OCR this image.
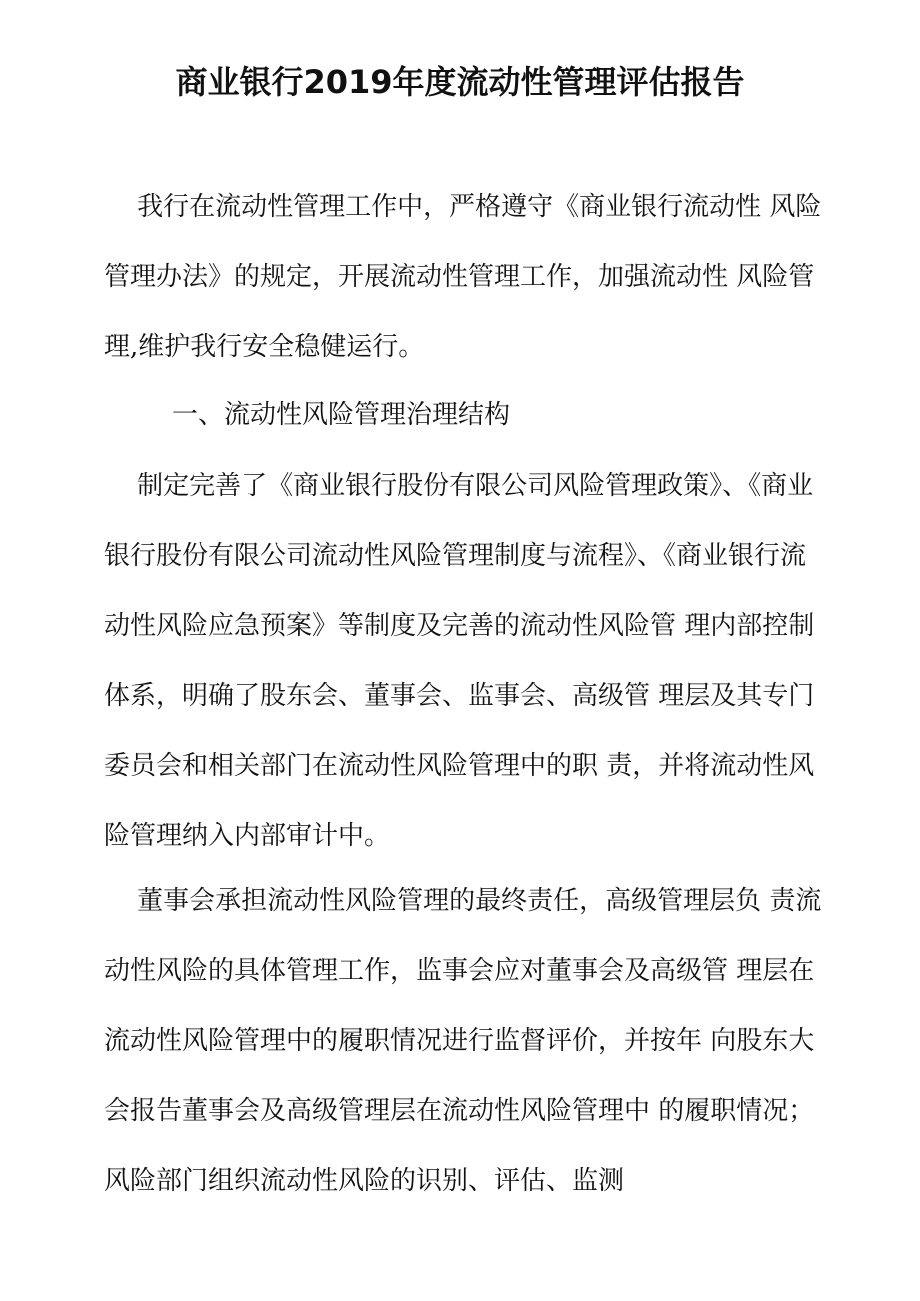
商业银行2019年度流动性管理评估报告

我行在流动性管理工作中，严格遵守《商业银行流动性 风险管理办法》的规定，开展流动性管理工作，加强流动性 风险管理,维护我行安全稳健运行。

一、流动性风险管理治理结构

制定完善了《商业银行股份有限公司风险管理政策》、《商业银行股份有限公司流动性风险管理制度与流程》、《商业银行流动性风险应急预案》等制度及完善的流动性风险管 理内部控制体系，明确了股东会、董事会、监事会、高级管 理层及其专门委员会和相关部门在流动性风险管理中的职 责，并将流动性风险管理纳入内部审计中。

董事会承担流动性风险管理的最终责任，高级管理层负 责流动性风险的具体管理工作，监事会应对董事会及高级管 理层在流动性风险管理中的履职情况进行监督评价，并按年 向股东大会报告董事会及高级管理层在流动性风险管理中 的履职情况；风险部门组织流动性风险的识别、评估、监测
